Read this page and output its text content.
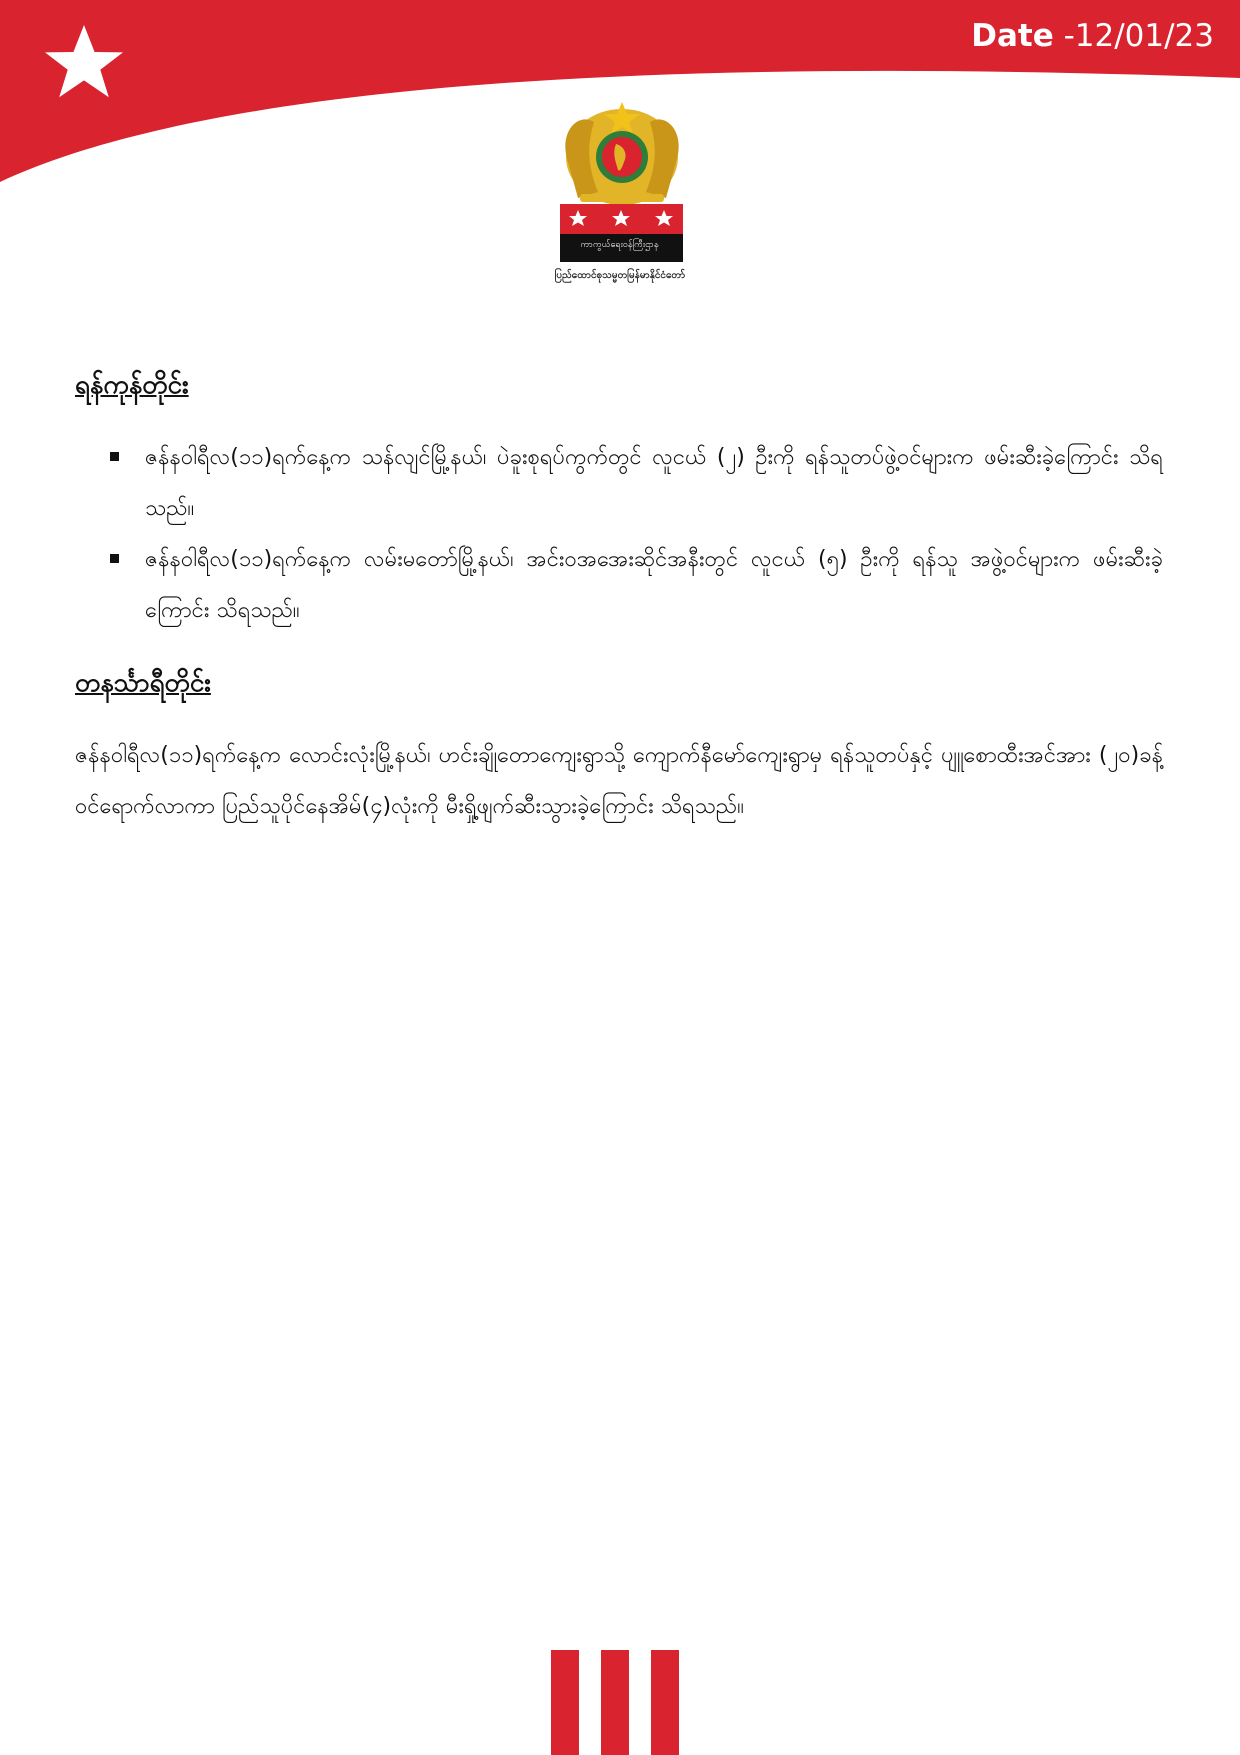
Date -12/01/23
ကာကွယ်ရေးဝန်ကြီးဌာန
ပြည်ထောင်စုသမ္မတမြန်မာနိုင်ငံတော်
ရန်ကုန်တိုင်း
ဇန်နဝါရီလ(၁၁)ရက်နေ့က သန်လျင်မြို့နယ်၊ ပဲခူးစုရပ်ကွက်တွင် လူငယ် (၂) ဦးကို ရန်သူတပ်ဖွဲ့ဝင်များက ဖမ်းဆီးခဲ့ကြောင်း သိရသည်။
ဇန်နဝါရီလ(၁၁)ရက်နေ့က လမ်းမတော်မြို့နယ်၊ အင်းဝအအေးဆိုင်အနီးတွင် လူငယ် (၅) ဦးကို ရန်သူ အဖွဲ့ဝင်များက ဖမ်းဆီးခဲ့ကြောင်း သိရသည်။
တနင်္သာရီတိုင်း

ဇန်နဝါရီလ(၁၁)ရက်နေ့က လောင်းလုံးမြို့နယ်၊ ဟင်းချိုတောကျေးရွာသို့ ကျောက်နီမော်ကျေးရွာမှ ရန်သူတပ်နှင့် ပျူစောထီးအင်အား (၂၀)ခန့် ဝင်ရောက်လာကာ ပြည်သူပိုင်နေအိမ်(၄)လုံးကို မီးရှို့ဖျက်ဆီးသွားခဲ့ကြောင်း သိရသည်။
